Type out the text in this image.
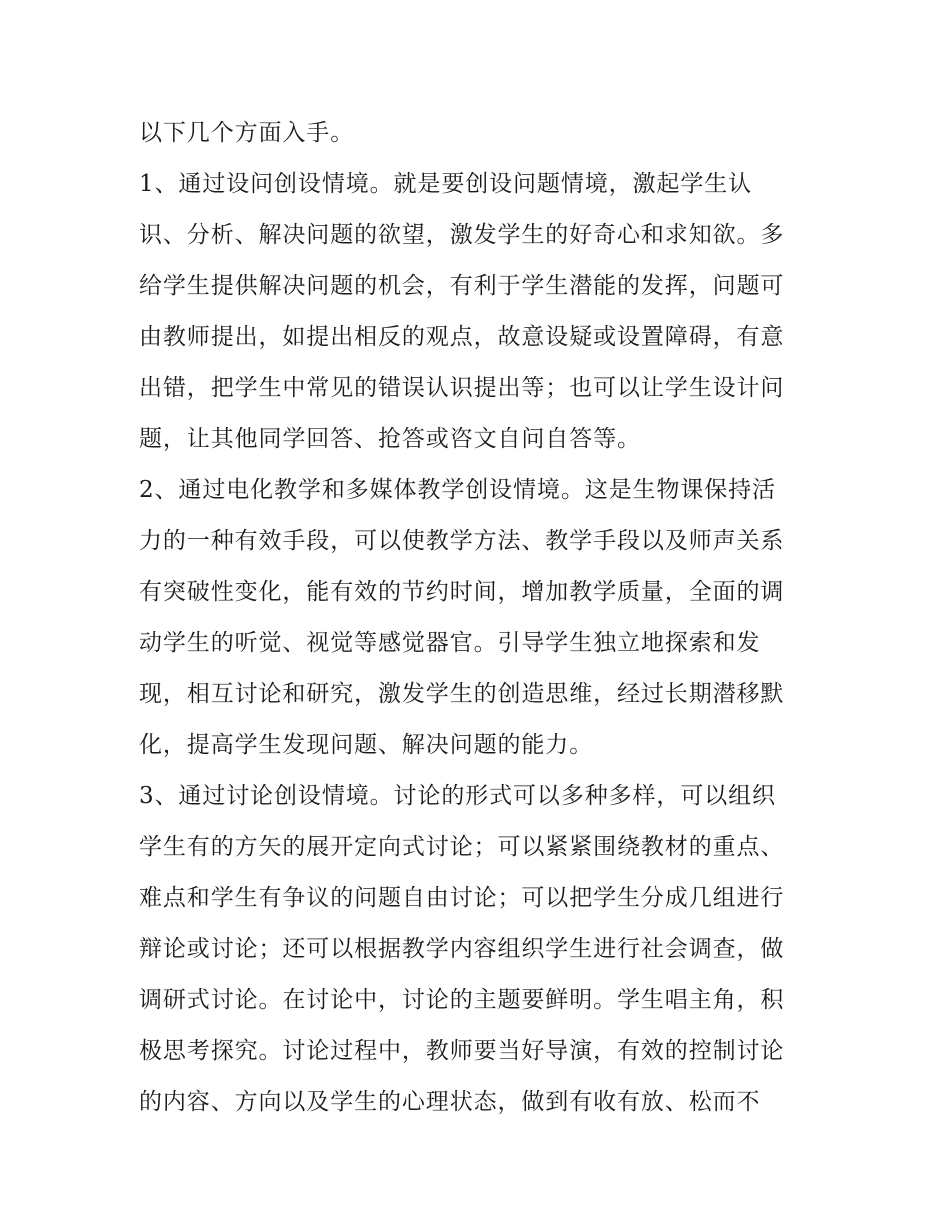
以下几个方面入手。
1、通过设问创设情境。就是要创设问题情境，激起学生认
识、分析、解决问题的欲望，激发学生的好奇心和求知欲。多
给学生提供解决问题的机会，有利于学生潜能的发挥，问题可
由教师提出，如提出相反的观点，故意设疑或设置障碍，有意
出错，把学生中常见的错误认识提出等；也可以让学生设计问
题，让其他同学回答、抢答或咨文自问自答等。
2、通过电化教学和多媒体教学创设情境。这是生物课保持活
力的一种有效手段，可以使教学方法、教学手段以及师声关系
有突破性变化，能有效的节约时间，增加教学质量，全面的调
动学生的听觉、视觉等感觉器官。引导学生独立地探索和发
现，相互讨论和研究，激发学生的创造思维，经过长期潜移默
化，提高学生发现问题、解决问题的能力。
3、通过讨论创设情境。讨论的形式可以多种多样，可以组织
学生有的方矢的展开定向式讨论；可以紧紧围绕教材的重点、
难点和学生有争议的问题自由讨论；可以把学生分成几组进行
辩论或讨论；还可以根据教学内容组织学生进行社会调查，做
调研式讨论。在讨论中，讨论的主题要鲜明。学生唱主角，积
极思考探究。讨论过程中，教师要当好导演，有效的控制讨论
的内容、方向以及学生的心理状态，做到有收有放、松而不
